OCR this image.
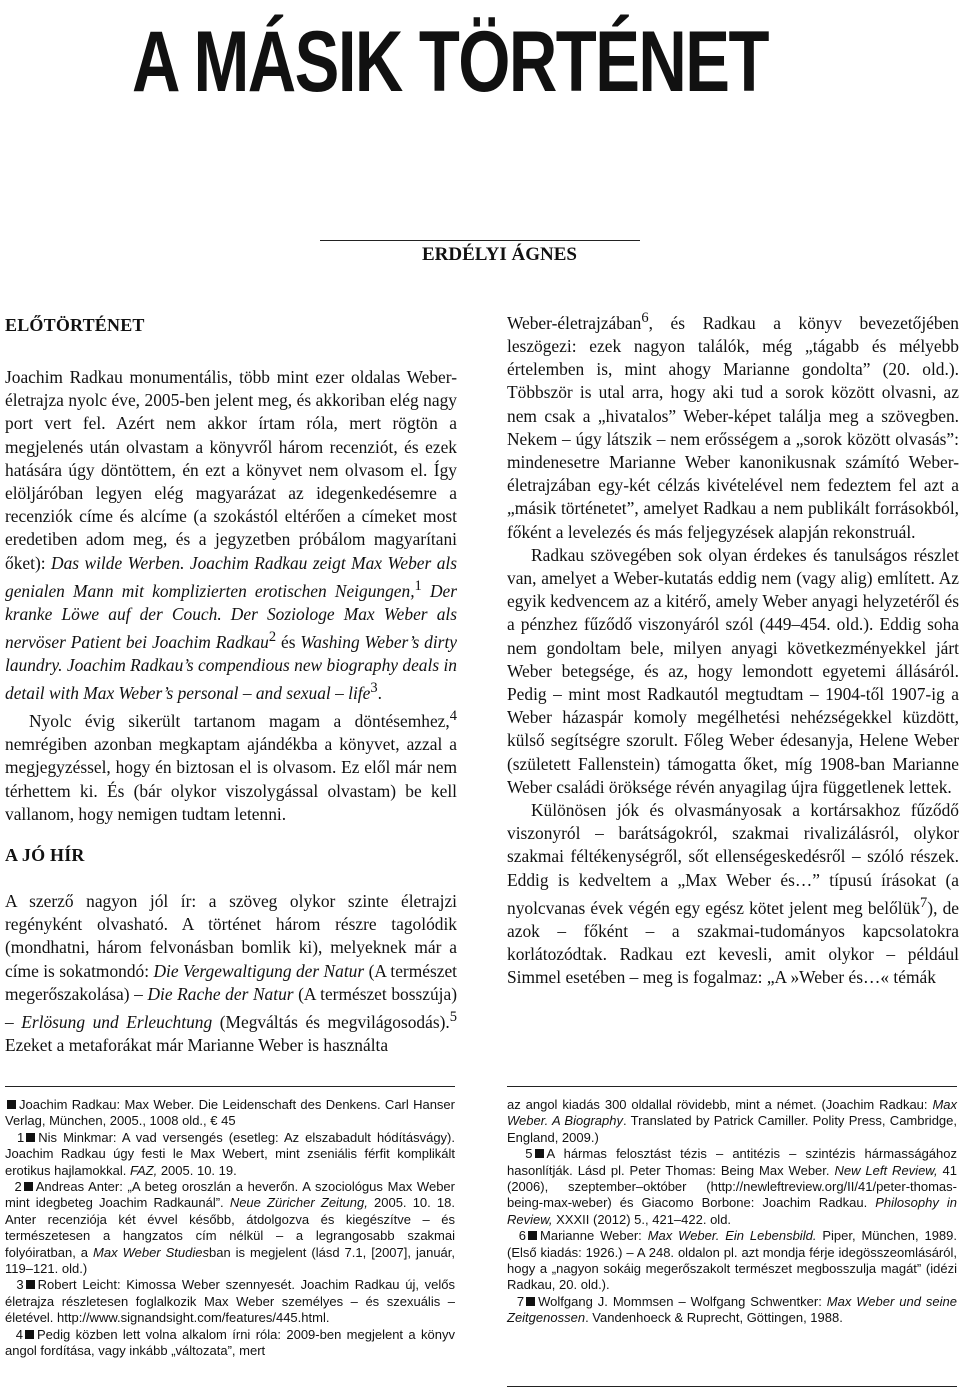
A MÁSIK TÖRTÉNET
ERDÉLYI ÁGNES
ELŐTÖRTÉNET

Joachim Radkau monumentális, több mint ezer oldalas Weber-életrajza nyolc éve, 2005-ben jelent meg, és akkoriban elég nagy port vert fel. Azért nem akkor írtam róla, mert rögtön a megjelenés után olvastam a könyvről három recenziót, és ezek hatására úgy döntöttem, én ezt a könyvet nem olvasom el. Így elöljáróban legyen elég magyarázat az idegenkedésemre a recenziók címe és alcíme (a szokástól eltérően a címeket most eredetiben adom meg, és a jegyzetben próbálom magyarítani őket): Das wilde Werben. Joachim Radkau zeigt Max Weber als genialen Mann mit komplizierten erotischen Neigungen,$^1$ Der kranke Löwe auf der Couch. Der Soziologe Max Weber als nervöser Patient bei Joachim Radkau$^2$ és Washing Weber’s dirty laundry. Joachim Radkau’s compendious new biography deals in detail with Max Weber’s personal – and sexual – life$^3$.

Nyolc évig sikerült tartanom magam a döntésemhez,$^4$ nemrégiben azonban megkaptam ajándékba a könyvet, azzal a megjegyzéssel, hogy én biztosan el is olvasom. Ez elől már nem térhettem ki. És (bár olykor viszolygással olvastam) be kell vallanom, hogy nemigen tudtam letenni.

A JÓ HÍR

A szerző nagyon jól ír: a szöveg olykor szinte életrajzi regényként olvasható. A történet három részre tagolódik (mondhatni, három felvonásban bomlik ki), melyeknek már a címe is sokatmondó: Die Vergewaltigung der Natur (A természet megerőszakolása) – Die Rache der Natur (A természet bosszúja) – Erlösung und Erleuchtung (Megváltás és megvilágosodás).$^5$ Ezeket a metaforákat már Marianne Weber is használta

Weber-életrajzában$^6$, és Radkau a könyv bevezetőjében leszögezi: ezek nagyon találók, még „tágabb és mélyebb értelemben is, mint ahogy Marianne gondolta” (20. old.). Többször is utal arra, hogy aki tud a sorok között olvasni, az nem csak a „hivatalos” Weber-képet találja meg a szövegben. Nekem – úgy látszik – nem erősségem a „sorok között olvasás”: mindenesetre Marianne Weber kanonikusnak számító Weber-életrajzában egy-két célzás kivételével nem fedeztem fel azt a „másik történetet”, amelyet Radkau a nem publikált forrásokból, főként a levelezés és más feljegyzések alapján rekonstruál.

Radkau szövegében sok olyan érdekes és tanulságos részlet van, amelyet a Weber-kutatás eddig nem (vagy alig) említett. Az egyik kedvencem az a kitérő, amely Weber anyagi helyzetéről és a pénzhez fűződő viszonyáról szól (449–454. old.). Eddig soha nem gondoltam bele, milyen anyagi következményekkel járt Weber betegsége, és az, hogy lemondott egyetemi állásáról. Pedig – mint most Radkautól megtudtam – 1904-től 1907-ig a Weber házaspár komoly megélhetési nehézségekkel küzdött, külső segítségre szorult. Főleg Weber édesanyja, Helene Weber (született Fallenstein) támogatta őket, míg 1908-ban Marianne Weber családi öröksége révén anyagilag újra függetlenek lettek.

Különösen jók és olvasmányosak a kortársakhoz fűződő viszonyról – barátságokról, szakmai rivalizálásról, olykor szakmai féltékenységről, sőt ellenségeskedésről – szóló részek. Eddig is kedveltem a „Max Weber és…” típusú írásokat (a nyolcvanas évek végén egy egész kötet jelent meg belőlük$^7$), de azok – főként – a szakmai-tudományos kapcsolatokra korlátozódtak. Radkau ezt kevesli, amit olykor – például Simmel esetében – meg is fogalmaz: „A »Weber és…« témák

Joachim Radkau: Max Weber. Die Leidenschaft des Denkens. Carl Hanser Verlag, München, 2005., 1008 old., € 45

1 Nis Minkmar: A vad versengés (esetleg: Az elszabadult hódításvágy). Joachim Radkau úgy festi le Max Webert, mint zseniális férfit komplikált erotikus hajlamokkal. FAZ, 2005. 10. 19.

2 Andreas Anter: „A beteg oroszlán a heverőn. A szociológus Max Weber mint idegbeteg Joachim Radkaunál”. Neue Züricher Zeitung, 2005. 10. 18. Anter recenziója két évvel később, átdolgozva és kiegészítve – és természetesen a hangzatos cím nélkül – a legrangosabb szakmai folyóiratban, a Max Weber Studiesban is megjelent (lásd 7.1, [2007], január, 119–121. old.)

3 Robert Leicht: Kimossa Weber szennyesét. Joachim Radkau új, velős életrajza részletesen foglalkozik Max Weber személyes – és szexuális – életével. http://www.signandsight.com/features/445.html.

4 Pedig közben lett volna alkalom írni róla: 2009-ben megjelent a könyv angol fordítása, vagy inkább „változata”, mert

az angol kiadás 300 oldallal rövidebb, mint a német. (Joachim Radkau: Max Weber. A Biography. Translated by Patrick Camiller. Polity Press, Cambridge, England, 2009.)

5 A hármas felosztást tézis – antitézis – szintézis hármasságához hasonlítják. Lásd pl. Peter Thomas: Being Max Weber. New Left Review, 41 (2006), szeptember–október (http://newleftreview.org/II/41/peter-thomas-being-max-weber) és Giacomo Borbone: Joachim Radkau. Philosophy in Review, XXXII (2012) 5., 421–422. old.

6 Marianne Weber: Max Weber. Ein Lebensbild. Piper, München, 1989. (Első kiadás: 1926.) – A 248. oldalon pl. azt mondja férje idegösszeomlásáról, hogy a „nagyon sokáig megerőszakolt természet megbosszulja magát” (idézi Radkau, 20. old.).

7 Wolfgang J. Mommsen – Wolfgang Schwentker: Max Weber und seine Zeitgenossen. Vandenhoeck & Ruprecht, Göttingen, 1988.
